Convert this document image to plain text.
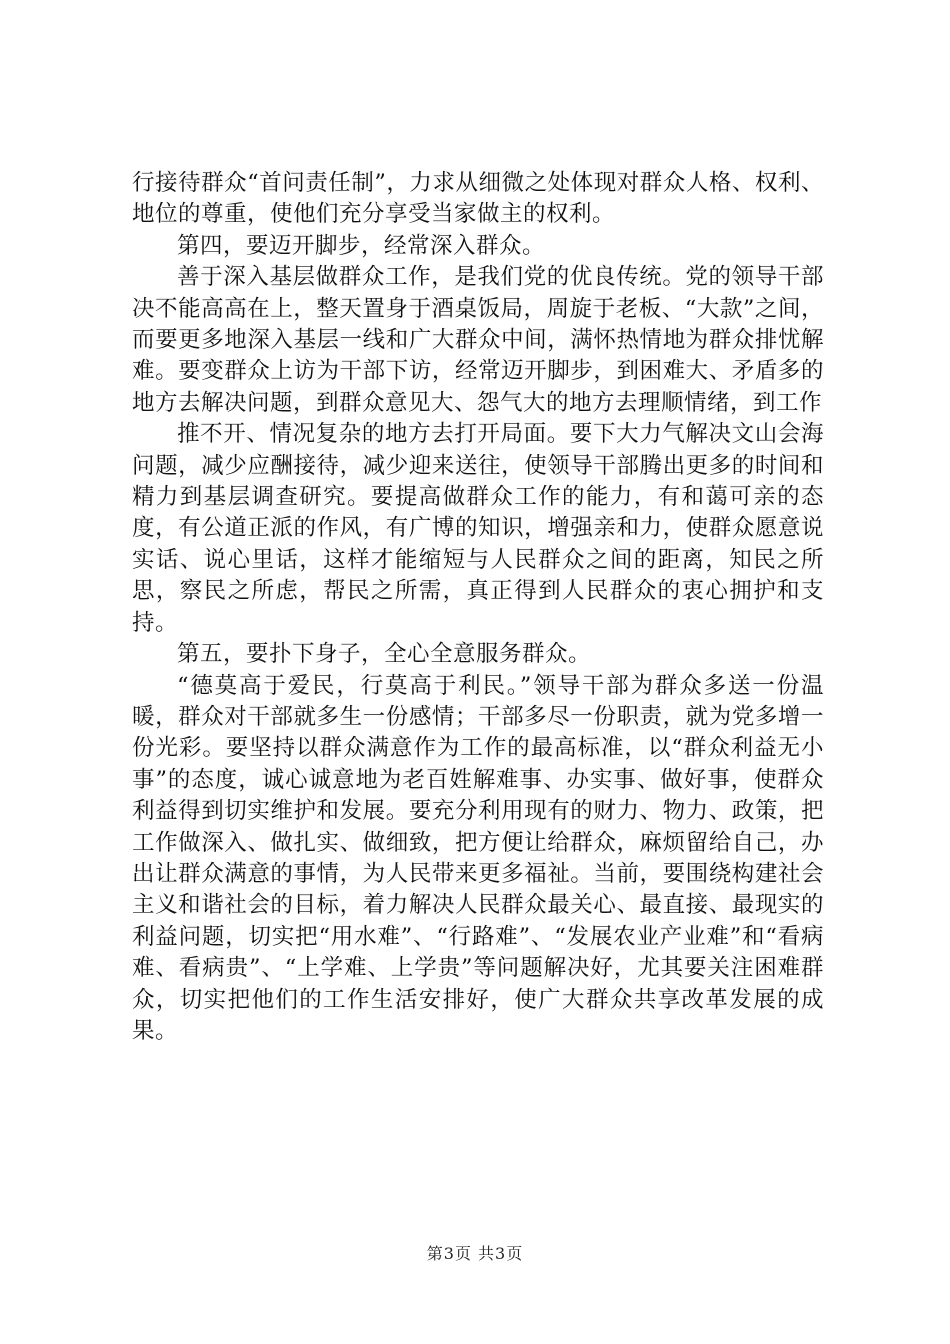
行接待群众“首问责任制”，力求从细微之处体现对群众人格、权利、地位的尊重，使他们充分享受当家做主的权利。

第四，要迈开脚步，经常深入群众。

善于深入基层做群众工作，是我们党的优良传统。党的领导干部决不能高高在上，整天置身于酒桌饭局，周旋于老板、“大款”之间，而要更多地深入基层一线和广大群众中间，满怀热情地为群众排忧解难。要变群众上访为干部下访，经常迈开脚步，到困难大、矛盾多的地方去解决问题，到群众意见大、怨气大的地方去理顺情绪，到工作

推不开、情况复杂的地方去打开局面。要下大力气解决文山会海问题，减少应酬接待，减少迎来送往，使领导干部腾出更多的时间和精力到基层调查研究。要提高做群众工作的能力，有和蔼可亲的态度，有公道正派的作风，有广博的知识，增强亲和力，使群众愿意说实话、说心里话，这样才能缩短与人民群众之间的距离，知民之所思，察民之所虑，帮民之所需，真正得到人民群众的衷心拥护和支持。

第五，要扑下身子，全心全意服务群众。

“德莫高于爱民，行莫高于利民。”领导干部为群众多送一份温暖，群众对干部就多生一份感情；干部多尽一份职责，就为党多增一份光彩。要坚持以群众满意作为工作的最高标准，以“群众利益无小事”的态度，诚心诚意地为老百姓解难事、办实事、做好事，使群众利益得到切实维护和发展。要充分利用现有的财力、物力、政策，把工作做深入、做扎实、做细致，把方便让给群众，麻烦留给自己，办出让群众满意的事情，为人民带来更多福祉。当前，要围绕构建社会主义和谐社会的目标，着力解决人民群众最关心、最直接、最现实的利益问题，切实把“用水难”、“行路难”、“发展农业产业难”和“看病难、看病贵”、“上学难、上学贵”等问题解决好，尤其要关注困难群众，切实把他们的工作生活安排好，使广大群众共享改革发展的成果。

第3页 共3页
